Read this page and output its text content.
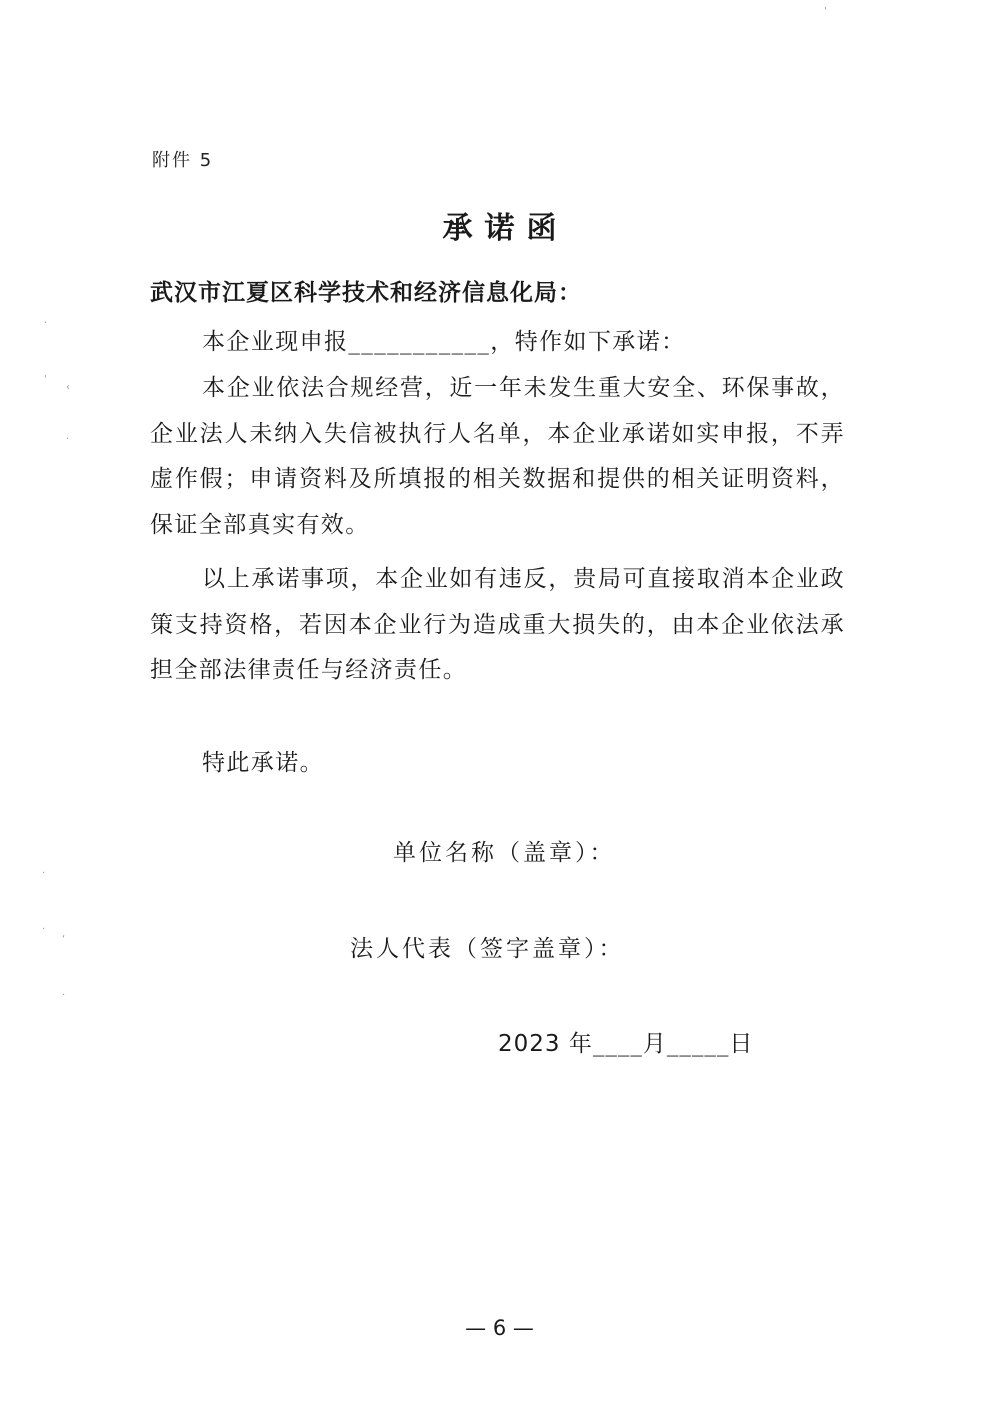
附件 5
承诺函
武汉市江夏区科学技术和经济信息化局：
本企业现申报___________，特作如下承诺：
本企业依法合规经营，近一年未发生重大安全、环保事故，企业法人未纳入失信被执行人名单，本企业承诺如实申报，不弄虚作假；申请资料及所填报的相关数据和提供的相关证明资料，保证全部真实有效。
以上承诺事项，本企业如有违反，贵局可直接取消本企业政策支持资格，若因本企业行为造成重大损失的，由本企业依法承担全部法律责任与经济责任。
特此承诺。
单位名称（盖章）：
法人代表（签字盖章）：
2023 年____月_____日
— 6 —
·
'
‹
·
·
·
‘
·
'
